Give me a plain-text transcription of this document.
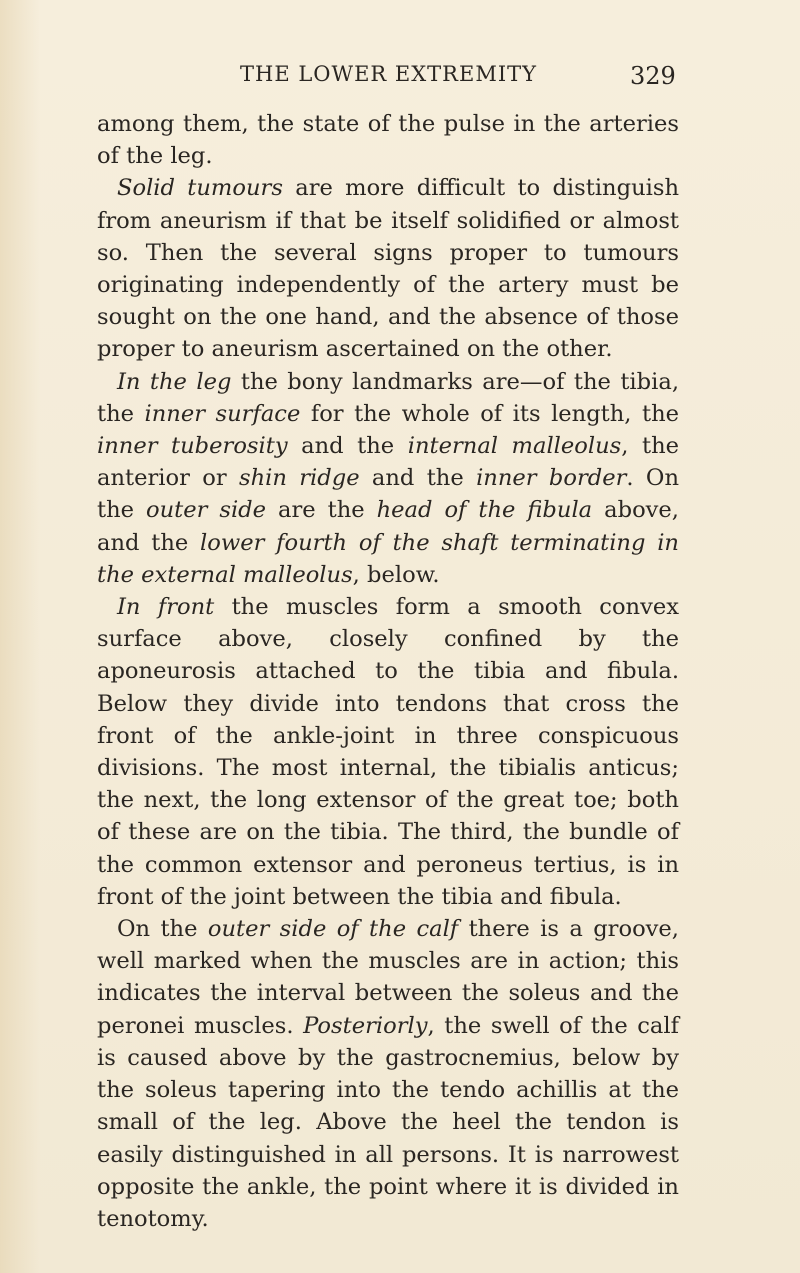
THE LOWER EXTREMITY	329

among them, the state of the pulse in the arteries of the leg.

Solid tumours are more difficult to distinguish from aneurism if that be itself solidified or almost so. Then the several signs proper to tumours originating independently of the artery must be sought on the one hand, and the absence of those proper to aneurism ascertained on the other.

In the leg the bony landmarks are—of the tibia, the inner surface for the whole of its length, the inner tuberosity and the internal malleolus, the anterior or shin ridge and the inner border. On the outer side are the head of the fibula above, and the lower fourth of the shaft terminating in the external malleolus, below.

In front the muscles form a smooth convex surface above, closely confined by the aponeurosis attached to the tibia and fibula. Below they divide into tendons that cross the front of the ankle-joint in three conspicuous divisions. The most internal, the tibialis anticus; the next, the long extensor of the great toe; both of these are on the tibia. The third, the bundle of the common extensor and peroneus tertius, is in front of the joint between the tibia and fibula.

On the outer side of the calf there is a groove, well marked when the muscles are in action; this indicates the interval between the soleus and the peronei muscles. Posteriorly, the swell of the calf is caused above by the gastrocnemius, below by the soleus tapering into the tendo achillis at the small of the leg. Above the heel the tendon is easily distinguished in all persons. It is narrowest opposite the ankle, the point where it is divided in tenotomy.
